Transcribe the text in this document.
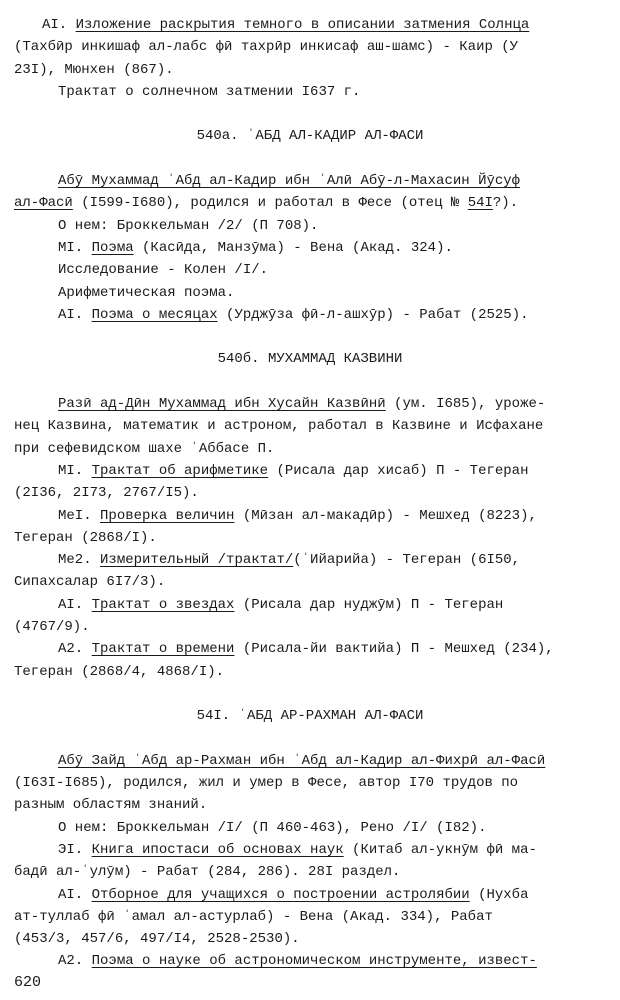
AI. Изложение раскрытия темного в описании затмения Солнца
(Тахбӣр инкишаф ал-лабс фӣ тахрӣр инкисаф аш-шамс) - Каир (У
23I), Мюнхен (867).
Трактат о солнечном затмении I637 г.
540а. ʿАБД АЛ-КАДИР АЛ-ФАСИ
Абӯ Мухаммад ʿАбд ал-Кадир ибн ʿАлӣ Абӯ-л-Махасин Йӯсуф
ал-Фасӣ (I599-I680), родился и работал в Фесе (отец № 54I?).
О нем: Броккельман /2/ (П 708).
MI. Поэма (Касӣда, Манзӯма) - Вена (Акад. 324).
Исследование - Колен /I/.
Арифметическая поэма.
AI. Поэма о месяцах (Урджӯза фӣ-л-ашхӯр) - Рабат (2525).
540б. МУХАММАД КАЗВИНИ
Разӣ ад-Дӣн Мухаммад ибн Хусайн Казвӣнӣ (ум. I685), уроже-
нец Казвина, математик и астроном, работал в Казвине и Исфахане
при сефевидском шахе ʿАббасе П.
MI. Трактат об арифметике (Рисала дар хисаб) П - Тегеран
(2I36, 2I73, 2767/I5).
MeI. Проверка величин (Мӣзан ал-макадӣр) - Мешхед (8223),
Тегеран (2868/I).
Me2. Измерительный /трактат/(ʿИйарийа) - Тегеран (6I50,
Сипахсалар 6I7/3).
AI. Трактат о звездах (Рисала дар нуджӯм) П - Тегеран
(4767/9).
A2. Трактат о времени (Рисала-йи вактийа) П - Мешхед (234),
Тегеран (2868/4, 4868/I).
54I. ʿАБД АР-РАХМАН АЛ-ФАСИ
Абӯ Зайд ʿАбд ар-Рахман ибн ʿАбд ал-Кадир ал-Фихрӣ ал-Фасӣ
(I63I-I685), родился, жил и умер в Фесе, автор I70 трудов по
разным областям знаний.
О нем: Броккельман /I/ (П 460-463), Рено /I/ (I82).
ЭI. Книга ипостаси об основах наук (Китаб ал-укнӯм фӣ ма-
бадӣ ал-ʿулӯм) - Рабат (284, 286). 28I раздел.
AI. Отборное для учащихся о построении астролябии (Нухба
ат-туллаб фӣ ʿамал ал-астурлаб) - Вена (Акад. 334), Рабат
(453/3, 457/6, 497/I4, 2528-2530).
A2. Поэма о науке об астрономическом инструменте, извест-
620
